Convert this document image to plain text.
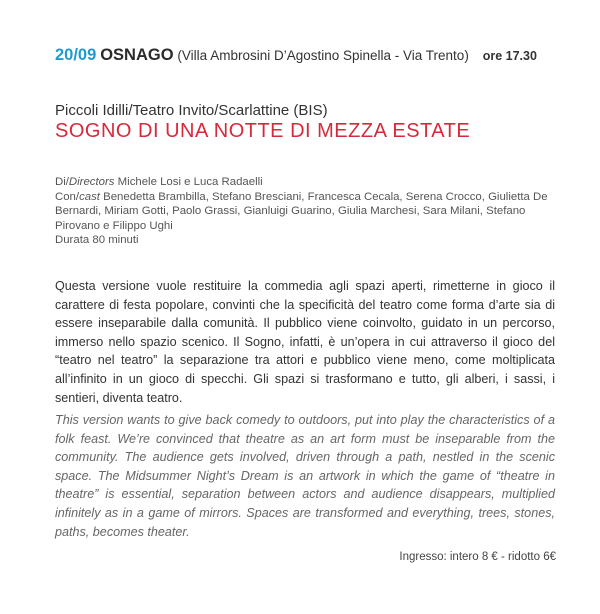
20/09 OSNAGO (Villa Ambrosini D’Agostino Spinella - Via Trento) ore 17.30
Piccoli Idilli/Teatro Invito/Scarlattine (BIS)
SOGNO DI UNA NOTTE DI MEZZA ESTATE
Di/Directors Michele Losi e Luca Radaelli
Con/cast Benedetta Brambilla, Stefano Bresciani, Francesca Cecala, Serena Crocco, Giulietta De Bernardi, Miriam Gotti, Paolo Grassi, Gianluigi Guarino, Giulia Marchesi, Sara Milani, Stefano Pirovano e Filippo Ughi
Durata 80 minuti
Questa versione vuole restituire la commedia agli spazi aperti, rimetterne in gioco il carattere di festa popolare, convinti che la specificità del teatro come forma d’arte sia di essere inseparabile dalla comunità. Il pubblico viene coinvolto, guidato in un percorso, immerso nello spazio scenico. Il Sogno, infatti, è un’opera in cui attraverso il gioco del “teatro nel teatro” la separazione tra attori e pubblico viene meno, come moltiplicata all’infinito in un gioco di specchi. Gli spazi si trasformano e tutto, gli alberi, i sassi, i sentieri, diventa teatro.
This version wants to give back comedy to outdoors, put into play the characteristics of a folk feast. We’re convinced that theatre as an art form must be inseparable from the community. The audience gets involved, driven through a path, nestled in the scenic space. The Midsummer Night’s Dream is an artwork in which the game of “theatre in theatre” is essential, separation between actors and audience disappears, multiplied infinitely as in a game of mirrors. Spaces are transformed and everything, trees, stones, paths, becomes theater.
Ingresso: intero 8 € - ridotto 6€
